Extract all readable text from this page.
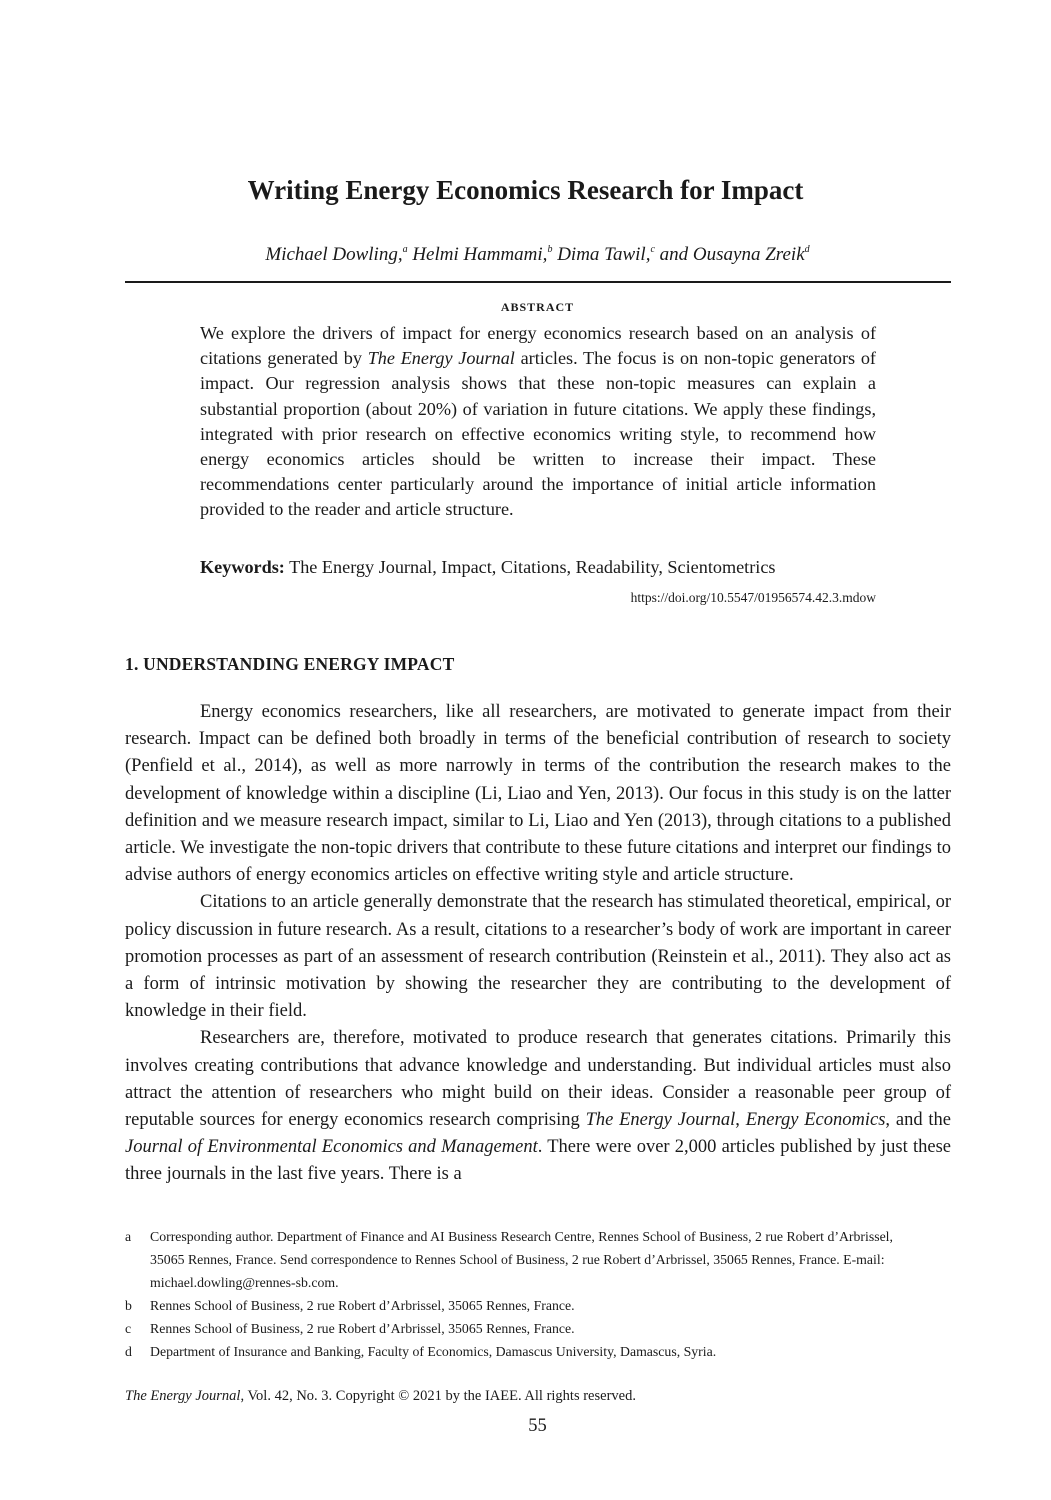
Writing Energy Economics Research for Impact
Michael Dowling,$^a$ Helmi Hammami,$^b$ Dima Tawil,$^c$ and Ousayna Zreik$^d$
ABSTRACT

We explore the drivers of impact for energy economics research based on an analysis of citations generated by The Energy Journal articles. The focus is on non-topic generators of impact. Our regression analysis shows that these non-topic measures can explain a substantial proportion (about 20%) of variation in future citations. We apply these findings, integrated with prior research on effective economics writing style, to recommend how energy economics articles should be written to increase their impact. These recommendations center particularly around the importance of initial article information provided to the reader and article structure.

Keywords: The Energy Journal, Impact, Citations, Readability, Scientometrics
https://doi.org/10.5547/01956574.42.3.mdow
1. UNDERSTANDING ENERGY IMPACT

Energy economics researchers, like all researchers, are motivated to generate impact from their research. Impact can be defined both broadly in terms of the beneficial contribution of research to society (Penfield et al., 2014), as well as more narrowly in terms of the contribution the research makes to the development of knowledge within a discipline (Li, Liao and Yen, 2013). Our focus in this study is on the latter definition and we measure research impact, similar to Li, Liao and Yen (2013), through citations to a published article. We investigate the non-topic drivers that contribute to these future citations and interpret our findings to advise authors of energy economics articles on effective writing style and article structure.

Citations to an article generally demonstrate that the research has stimulated theoretical, empirical, or policy discussion in future research. As a result, citations to a researcher’s body of work are important in career promotion processes as part of an assessment of research contribution (Reinstein et al., 2011). They also act as a form of intrinsic motivation by showing the researcher they are contributing to the development of knowledge in their field.

Researchers are, therefore, motivated to produce research that generates citations. Primarily this involves creating contributions that advance knowledge and understanding. But individual articles must also attract the attention of researchers who might build on their ideas. Consider a reasonable peer group of reputable sources for energy economics research comprising The Energy Journal, Energy Economics, and the Journal of Environmental Economics and Management. There were over 2,000 articles published by just these three journals in the last five years. There is a

a	Corresponding author. Department of Finance and AI Business Research Centre, Rennes School of Business, 2 rue Robert d’Arbrissel, 35065 Rennes, France. Send correspondence to Rennes School of Business, 2 rue Robert d’Arbrissel, 35065 Rennes, France. E-mail: michael.dowling@rennes-sb.com.
b	Rennes School of Business, 2 rue Robert d’Arbrissel, 35065 Rennes, France.
c	Rennes School of Business, 2 rue Robert d’Arbrissel, 35065 Rennes, France.
d	Department of Insurance and Banking, Faculty of Economics, Damascus University, Damascus, Syria.
The Energy Journal, Vol. 42, No. 3. Copyright © 2021 by the IAEE. All rights reserved.
55
